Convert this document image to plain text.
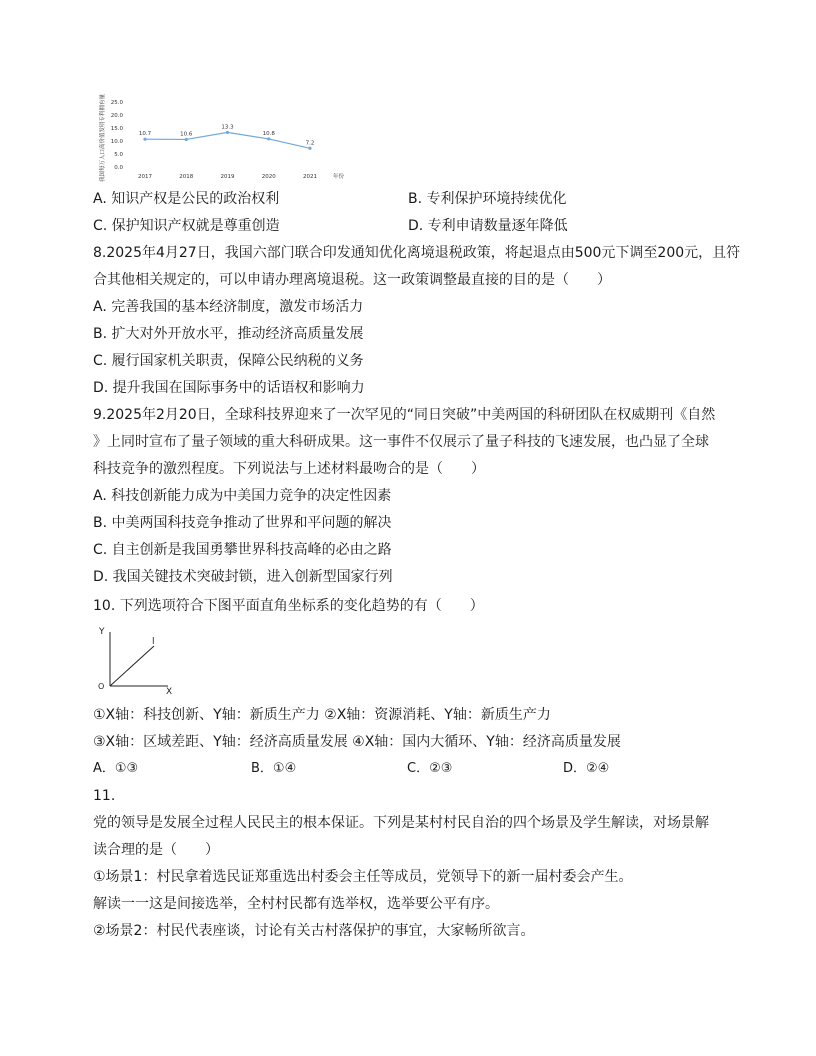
我国每万人口高价值发明专利拥有量 25.0
20.0
15.0
10.0
5.0
0.0
2017	2018	2019	2020	2021	年份
10.7	10.6
13.3
10.8
7.2
A. 知识产权是公民的政治权利	B. 专利保护环境持续优化
C. 保护知识产权就是尊重创造	D. 专利申请数量逐年降低
8.2025年4月27日，我国六部门联合印发通知优化离境退税政策，将起退点由500元下调至200元，且符
合其他相关规定的，可以申请办理离境退税。这一政策调整最直接的目的是（　　）
A. 完善我国的基本经济制度，激发市场活力
B. 扩大对外开放水平，推动经济高质量发展
C. 履行国家机关职责，保障公民纳税的义务
D. 提升我国在国际事务中的话语权和影响力
9.2025年2月20日，全球科技界迎来了一次罕见的“同日突破”中美两国的科研团队在权威期刊《自然
》上同时宣布了量子领域的重大科研成果。这一事件不仅展示了量子科技的飞速发展，也凸显了全球
科技竞争的激烈程度。下列说法与上述材料最吻合的是（　　）
A. 科技创新能力成为中美国力竞争的决定性因素
B. 中美两国科技竞争推动了世界和平问题的解决
C. 自主创新是我国勇攀世界科技高峰的必由之路
D. 我国关键技术突破封锁，进入创新型国家行列
10. 下列选项符合下图平面直角坐标系的变化趋势的有（　　）
Y
X
O
l
①X轴：科技创新、Y轴：新质生产力 ②X轴：资源消耗、Y轴：新质生产力
③X轴：区域差距、Y轴：经济高质量发展 ④X轴：国内大循环、Y轴：经济高质量发展
A．①③	B．①④	C．②③	D．②④
11.
党的领导是发展全过程人民民主的根本保证。下列是某村村民自治的四个场景及学生解读，对场景解
读合理的是（　　）
①场景1：村民拿着选民证郑重选出村委会主任等成员，党领导下的新一届村委会产生。
解读一一这是间接选举，全村村民都有选举权，选举要公平有序。
②场景2：村民代表座谈，讨论有关古村落保护的事宜，大家畅所欲言。
